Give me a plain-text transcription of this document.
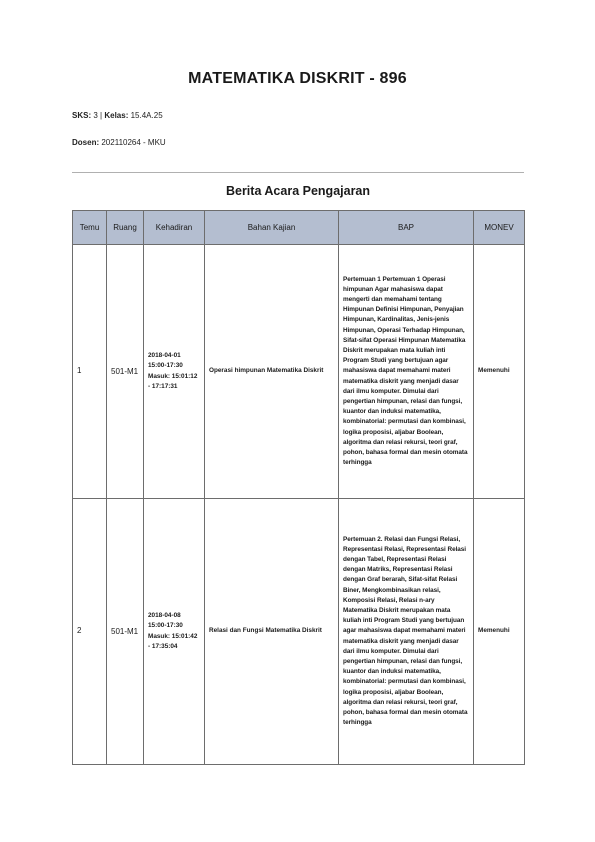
MATEMATIKA DISKRIT - 896
SKS: 3 | Kelas: 15.4A.25
Dosen: 202110264 - MKU
Berita Acara Pengajaran
Temu	Ruang	Kehadiran	Bahan Kajian	BAP	MONEV
1	501-M1	2018-04-01 15:00-17:30 Masuk: 15:01:12 - 17:17:31	Operasi himpunan Matematika Diskrit	Pertemuan 1 Pertemuan 1 Operasi himpunan Agar mahasiswa dapat mengerti dan memahami tentang Himpunan Definisi Himpunan, Penyajian Himpunan, Kardinalitas, Jenis-jenis Himpunan, Operasi Terhadap Himpunan, Sifat-sifat Operasi Himpunan Matematika Diskrit merupakan mata kuliah inti Program Studi yang bertujuan agar mahasiswa dapat memahami materi matematika diskrit yang menjadi dasar dari ilmu komputer. Dimulai dari pengertian himpunan, relasi dan fungsi, kuantor dan induksi matematika, kombinatorial: permutasi dan kombinasi, logika proposisi, aljabar Boolean, algoritma dan relasi rekursi, teori graf, pohon, bahasa formal dan mesin otomata terhingga	Memenuhi
2	501-M1	2018-04-08 15:00-17:30 Masuk: 15:01:42 - 17:35:04	Relasi dan Fungsi Matematika Diskrit	Pertemuan 2. Relasi dan Fungsi Relasi, Representasi Relasi, Representasi Relasi dengan Tabel, Representasi Relasi dengan Matriks, Representasi Relasi dengan Graf berarah, Sifat-sifat Relasi Biner, Mengkombinasikan relasi, Komposisi Relasi, Relasi n-ary Matematika Diskrit merupakan mata kuliah inti Program Studi yang bertujuan agar mahasiswa dapat memahami materi matematika diskrit yang menjadi dasar dari ilmu komputer. Dimulai dari pengertian himpunan, relasi dan fungsi, kuantor dan induksi matematika, kombinatorial: permutasi dan kombinasi, logika proposisi, aljabar Boolean, algoritma dan relasi rekursi, teori graf, pohon, bahasa formal dan mesin otomata terhingga	Memenuhi
